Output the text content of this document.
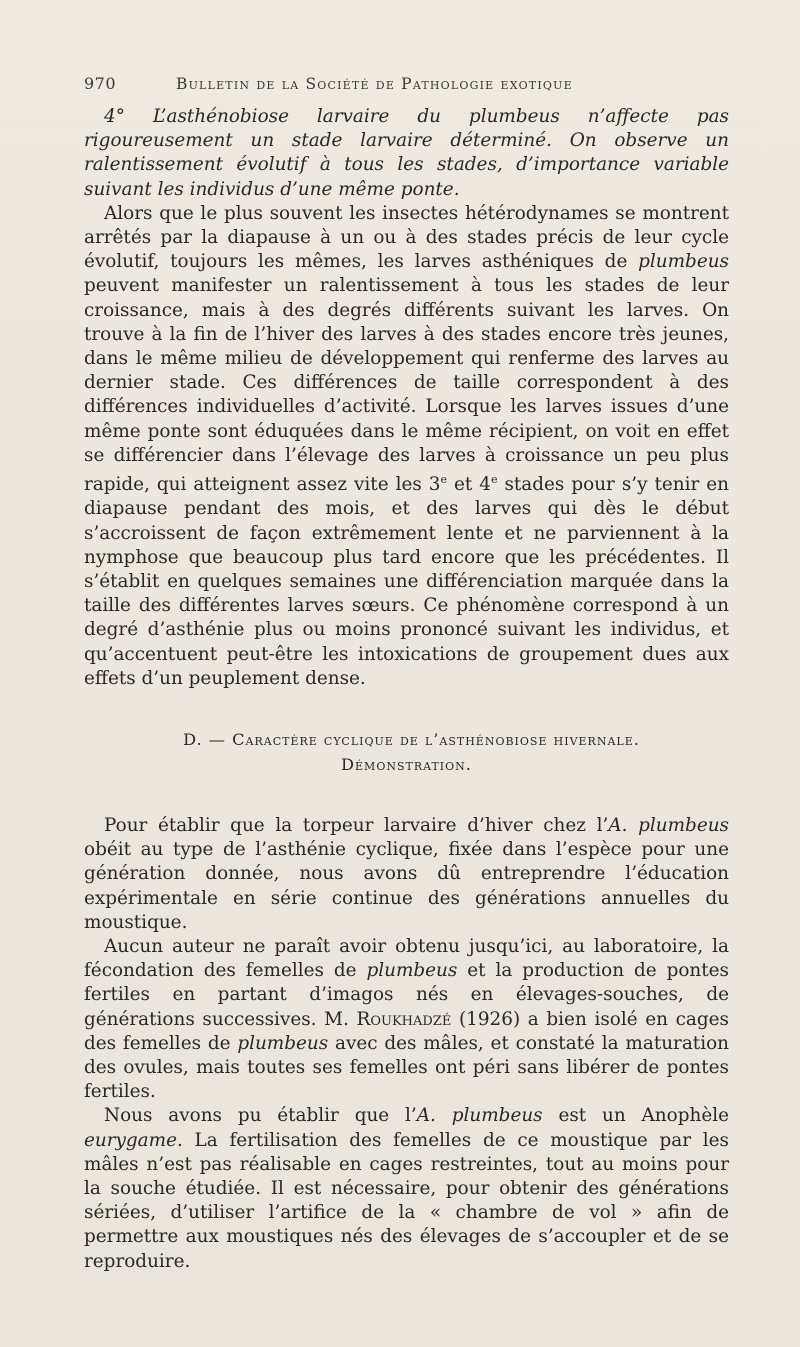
970	Bulletin de la Société de Pathologie exotique

4° L’asthénobiose larvaire du plumbeus n’affecte pas rigoureusement un stade larvaire déterminé. On observe un ralentissement évolutif à tous les stades, d’importance variable suivant les individus d’une même ponte.

Alors que le plus souvent les insectes hétérodynames se montrent arrêtés par la diapause à un ou à des stades précis de leur cycle évolutif, toujours les mêmes, les larves asthéniques de plumbeus peuvent manifester un ralentissement à tous les stades de leur croissance, mais à des degrés différents suivant les larves. On trouve à la fin de l’hiver des larves à des stades encore très jeunes, dans le même milieu de développement qui renferme des larves au dernier stade. Ces différences de taille correspondent à des différences individuelles d’activité. Lorsque les larves issues d’une même ponte sont éduquées dans le même récipient, on voit en effet se différencier dans l’élevage des larves à croissance un peu plus rapide, qui atteignent assez vite les 3e et 4e stades pour s’y tenir en diapause pendant des mois, et des larves qui dès le début s’accroissent de façon extrêmement lente et ne parviennent à la nymphose que beaucoup plus tard encore que les précédentes. Il s’établit en quelques semaines une différenciation marquée dans la taille des différentes larves sœurs. Ce phénomène correspond à un degré d’asthénie plus ou moins prononcé suivant les individus, et qu’accentuent peut-être les intoxications de groupement dues aux effets d’un peuplement dense.

D. — Caractère cyclique de l’asthénobiose hivernale.
Démonstration.

Pour établir que la torpeur larvaire d’hiver chez l’A. plumbeus obéit au type de l’asthénie cyclique, fixée dans l’espèce pour une génération donnée, nous avons dû entreprendre l’éducation expérimentale en série continue des générations annuelles du moustique.

Aucun auteur ne paraît avoir obtenu jusqu’ici, au laboratoire, la fécondation des femelles de plumbeus et la production de pontes fertiles en partant d’imagos nés en élevages-souches, de générations successives. M. Roukhadzé (1926) a bien isolé en cages des femelles de plumbeus avec des mâles, et constaté la maturation des ovules, mais toutes ses femelles ont péri sans libérer de pontes fertiles.

Nous avons pu établir que l’A. plumbeus est un Anophèle eurygame. La fertilisation des femelles de ce moustique par les mâles n’est pas réalisable en cages restreintes, tout au moins pour la souche étudiée. Il est nécessaire, pour obtenir des générations sériées, d’utiliser l’artifice de la « chambre de vol » afin de permettre aux moustiques nés des élevages de s’accoupler et de se reproduire.
